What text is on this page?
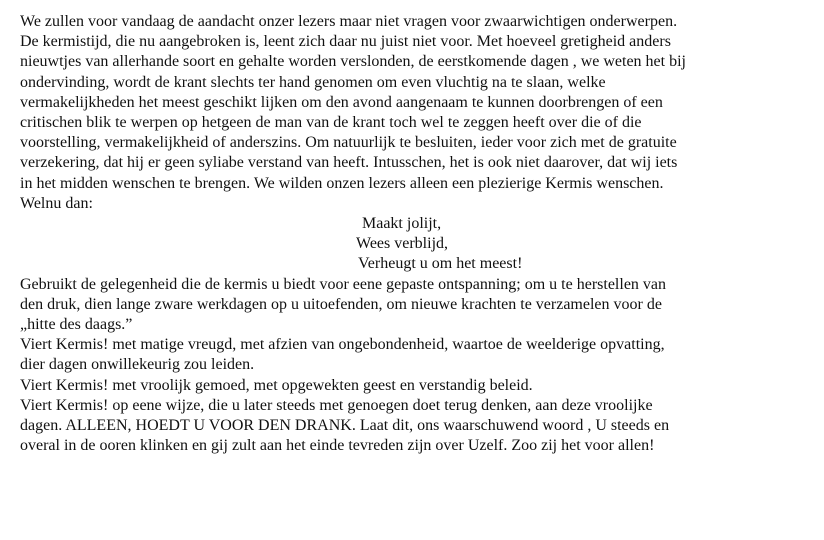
We zullen voor vandaag de aandacht onzer lezers maar niet vragen voor zwaarwichtigen onderwerpen.
De kermistijd, die nu aangebroken is, leent zich daar nu juist niet voor. Met hoeveel gretigheid anders
nieuwtjes van allerhande soort en gehalte worden verslonden, de eerstkomende dagen , we weten het bij
ondervinding, wordt de krant slechts ter hand genomen om even vluchtig na te slaan, welke
vermakelijkheden het meest geschikt lijken om den avond aangenaam te kunnen doorbrengen of een
critischen blik te werpen op hetgeen de man van de krant toch wel te zeggen heeft over die of die
voorstelling, vermakelijkheid of anderszins. Om natuurlijk te besluiten, ieder voor zich met de gratuite
verzekering, dat hij er geen syliabe verstand van heeft. Intusschen, het is ook niet daarover, dat wij iets
in het midden wenschen te brengen. We wilden onzen lezers alleen een plezierige Kermis wenschen.
Welnu dan:
Maakt jolijt,
Wees verblijd,
Verheugt u om het meest!
Gebruikt de gelegenheid die de kermis u biedt voor eene gepaste ontspanning; om u te herstellen van
den druk, dien lange zware werkdagen op u uitoefenden, om nieuwe krachten te verzamelen voor de
„hitte des daags.”
Viert Kermis! met matige vreugd, met afzien van ongebondenheid, waartoe de weelderige opvatting,
dier dagen onwillekeurig zou leiden.
Viert Kermis! met vroolijk gemoed, met opgewekten geest en verstandig beleid.
Viert Kermis! op eene wijze, die u later steeds met genoegen doet terug denken, aan deze vroolijke
dagen. ALLEEN, HOEDT U VOOR DEN DRANK. Laat dit, ons waarschuwend woord , U steeds en
overal in de ooren klinken en gij zult aan het einde tevreden zijn over Uzelf. Zoo zij het voor allen!
